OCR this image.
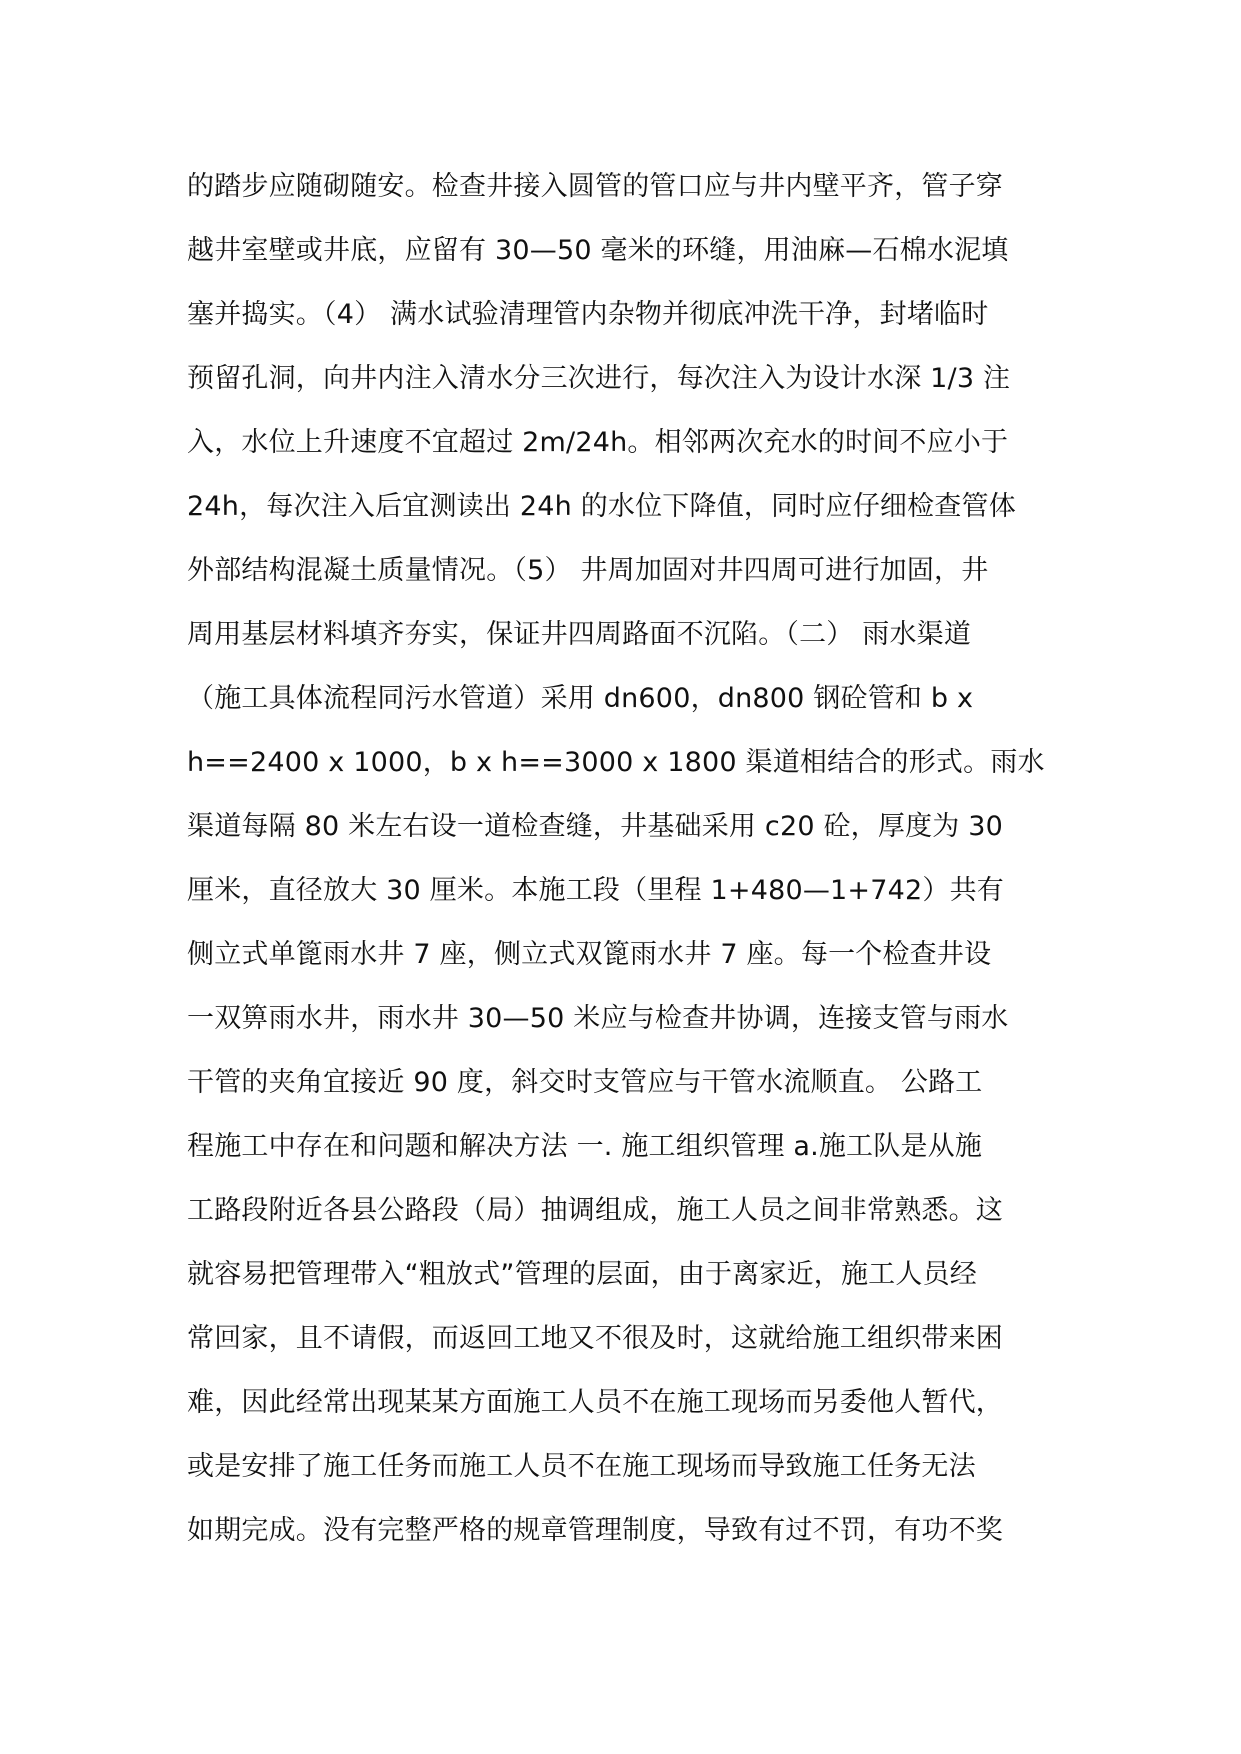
的踏步应随砌随安。检查井接入圆管的管口应与井内壁平齐，管子穿
越井室壁或井底，应留有 30—50 毫米的环缝，用油麻—石棉水泥填
塞并捣实。（4） 满水试验清理管内杂物并彻底冲洗干净，封堵临时
预留孔洞，向井内注入清水分三次进行，每次注入为设计水深 1/3 注
入，水位上升速度不宜超过 2m/24h。相邻两次充水的时间不应小于
24h，每次注入后宜测读出 24h 的水位下降值，同时应仔细检查管体
外部结构混凝土质量情况。（5） 井周加固对井四周可进行加固，井
周用基层材料填齐夯实，保证井四周路面不沉陷。（二） 雨水渠道
（施工具体流程同污水管道）采用 dn600，dn800 钢砼管和 b x
h==2400 x 1000，b x h==3000 x 1800 渠道相结合的形式。雨水
渠道每隔 80 米左右设一道检查缝，井基础采用 c20 砼，厚度为 30
厘米，直径放大 30 厘米。本施工段（里程 1+480—1+742）共有
侧立式单篦雨水井 7 座，侧立式双篦雨水井 7 座。每一个检查井设
一双箅雨水井，雨水井 30—50 米应与检查井协调，连接支管与雨水
干管的夹角宜接近 90 度，斜交时支管应与干管水流顺直。 公路工
程施工中存在和问题和解决方法 一. 施工组织管理 a.施工队是从施
工路段附近各县公路段（局）抽调组成，施工人员之间非常熟悉。这
就容易把管理带入“粗放式”管理的层面，由于离家近，施工人员经
常回家，且不请假，而返回工地又不很及时，这就给施工组织带来困
难，因此经常出现某某方面施工人员不在施工现场而另委他人暂代，
或是安排了施工任务而施工人员不在施工现场而导致施工任务无法
如期完成。没有完整严格的规章管理制度，导致有过不罚，有功不奖
